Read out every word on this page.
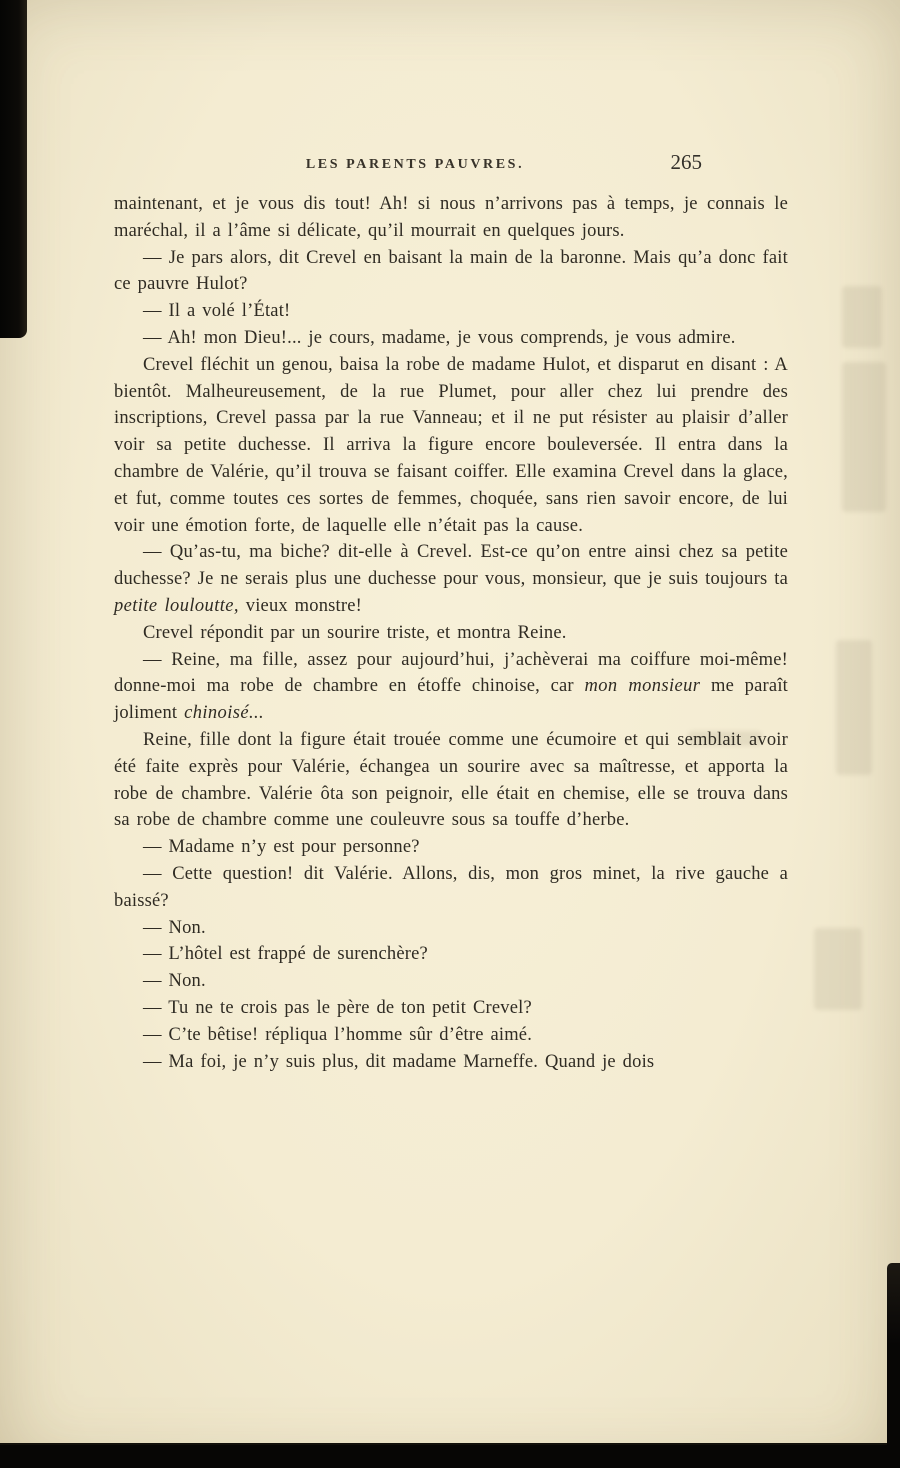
LES PARENTS PAUVRES.	265

maintenant, et je vous dis tout! Ah! si nous n’arrivons pas à temps, je connais le maréchal, il a l’âme si délicate, qu’il mourrait en quelques jours.

— Je pars alors, dit Crevel en baisant la main de la baronne. Mais qu’a donc fait ce pauvre Hulot?

— Il a volé l’État!

— Ah! mon Dieu!... je cours, madame, je vous comprends, je vous admire.

Crevel fléchit un genou, baisa la robe de madame Hulot, et disparut en disant : A bientôt. Malheureusement, de la rue Plumet, pour aller chez lui prendre des inscriptions, Crevel passa par la rue Vanneau; et il ne put résister au plaisir d’aller voir sa petite duchesse. Il arriva la figure encore bouleversée. Il entra dans la chambre de Valérie, qu’il trouva se faisant coiffer. Elle examina Crevel dans la glace, et fut, comme toutes ces sortes de femmes, choquée, sans rien savoir encore, de lui voir une émotion forte, de laquelle elle n’était pas la cause.

— Qu’as-tu, ma biche? dit-elle à Crevel. Est-ce qu’on entre ainsi chez sa petite duchesse? Je ne serais plus une duchesse pour vous, monsieur, que je suis toujours ta petite louloutte, vieux monstre!

Crevel répondit par un sourire triste, et montra Reine.

— Reine, ma fille, assez pour aujourd’hui, j’achèverai ma coiffure moi-même! donne-moi ma robe de chambre en étoffe chinoise, car mon monsieur me paraît joliment chinoisé...

Reine, fille dont la figure était trouée comme une écumoire et qui semblait avoir été faite exprès pour Valérie, échangea un sourire avec sa maîtresse, et apporta la robe de chambre. Valérie ôta son peignoir, elle était en chemise, elle se trouva dans sa robe de chambre comme une couleuvre sous sa touffe d’herbe.

— Madame n’y est pour personne?

— Cette question! dit Valérie. Allons, dis, mon gros minet, la rive gauche a baissé?

— Non.

— L’hôtel est frappé de surenchère?

— Non.

— Tu ne te crois pas le père de ton petit Crevel?

— C’te bêtise! répliqua l’homme sûr d’être aimé.

— Ma foi, je n’y suis plus, dit madame Marneffe. Quand je dois
